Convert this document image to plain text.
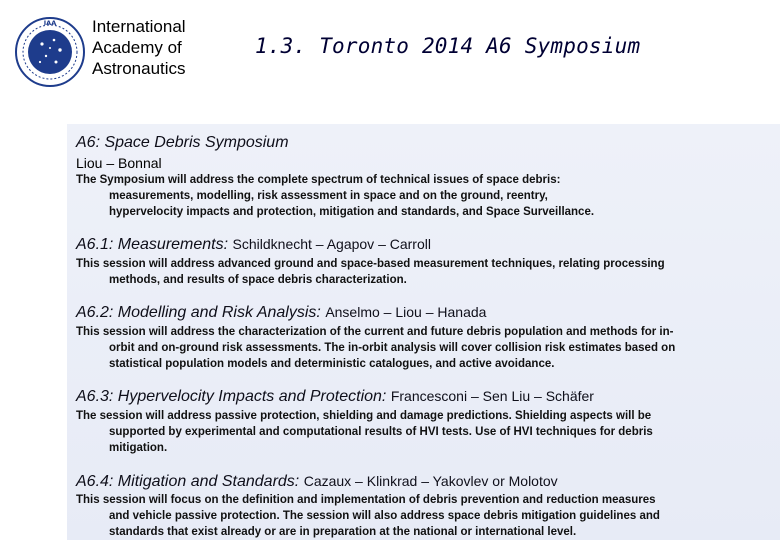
IAA International
Academy of
Astronautics
1.3. Toronto 2014 A6 Symposium
A6: Space Debris Symposium
Liou – Bonnal
The Symposium will address the complete spectrum of technical issues of space debris:
measurements, modelling, risk assessment in space and on the ground, reentry,
hypervelocity impacts and protection, mitigation and standards, and Space Surveillance.
A6.1: Measurements: Schildknecht – Agapov – Carroll
This session will address advanced ground and space-based measurement techniques, relating processing
methods, and results of space debris characterization.
A6.2: Modelling and Risk Analysis: Anselmo – Liou – Hanada
This session will address the characterization of the current and future debris population and methods for in-
orbit and on-ground risk assessments. The in-orbit analysis will cover collision risk estimates based on
statistical population models and deterministic catalogues, and active avoidance.
A6.3: Hypervelocity Impacts and Protection: Francesconi – Sen Liu – Schäfer
The session will address passive protection, shielding and damage predictions. Shielding aspects will be
supported by experimental and computational results of HVI tests. Use of HVI techniques for debris
mitigation.
A6.4: Mitigation and Standards: Cazaux – Klinkrad – Yakovlev or Molotov
This session will focus on the definition and implementation of debris prevention and reduction measures
and vehicle passive protection. The session will also address space debris mitigation guidelines and
standards that exist already or are in preparation at the national or international level.
